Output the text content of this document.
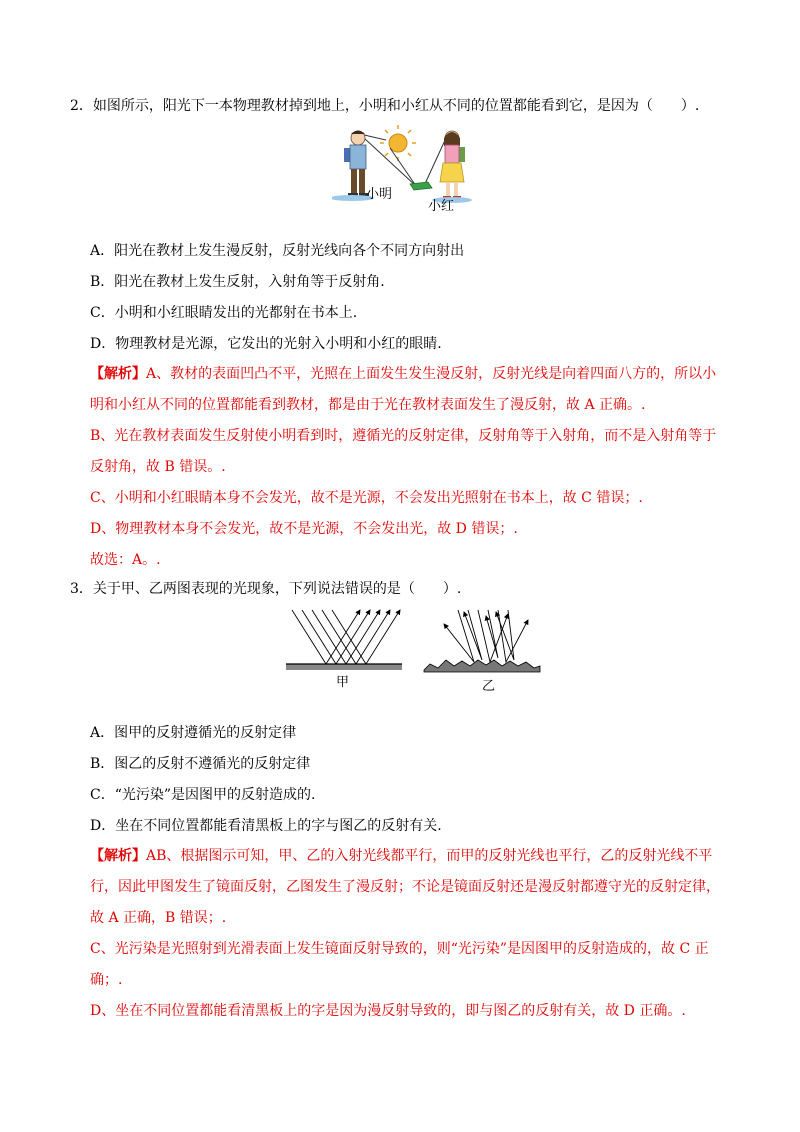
2．如图所示，阳光下一本物理教材掉到地上，小明和小红从不同的位置都能看到它，是因为（　　）.
小明
小红
A．阳光在教材上发生漫反射，反射光线向各个不同方向射出
B．阳光在教材上发生反射，入射角等于反射角.
C．小明和小红眼睛发出的光都射在书本上.
D．物理教材是光源，它发出的光射入小明和小红的眼睛.
【解析】A、教材的表面凹凸不平，光照在上面发生发生漫反射，反射光线是向着四面八方的，所以小
明和小红从不同的位置都能看到教材，都是由于光在教材表面发生了漫反射，故 A 正确。.
B、光在教材表面发生反射使小明看到时，遵循光的反射定律，反射角等于入射角，而不是入射角等于
反射角，故 B 错误。.
C、小明和小红眼睛本身不会发光，故不是光源，不会发出光照射在书本上，故 C 错误；.
D、物理教材本身不会发光，故不是光源，不会发出光，故 D 错误；.
故选：A。.
3．关于甲、乙两图表现的光现象，下列说法错误的是（　　）.
甲	乙
A．图甲的反射遵循光的反射定律
B．图乙的反射不遵循光的反射定律
C．“光污染”是因图甲的反射造成的.
D．坐在不同位置都能看清黑板上的字与图乙的反射有关.
【解析】AB、根据图示可知，甲、乙的入射光线都平行，而甲的反射光线也平行，乙的反射光线不平
行，因此甲图发生了镜面反射，乙图发生了漫反射；不论是镜面反射还是漫反射都遵守光的反射定律，
故 A 正确，B 错误；.
C、光污染是光照射到光滑表面上发生镜面反射导致的，则“光污染”是因图甲的反射造成的，故 C 正
确；.
D、坐在不同位置都能看清黑板上的字是因为漫反射导致的，即与图乙的反射有关，故 D 正确。.
